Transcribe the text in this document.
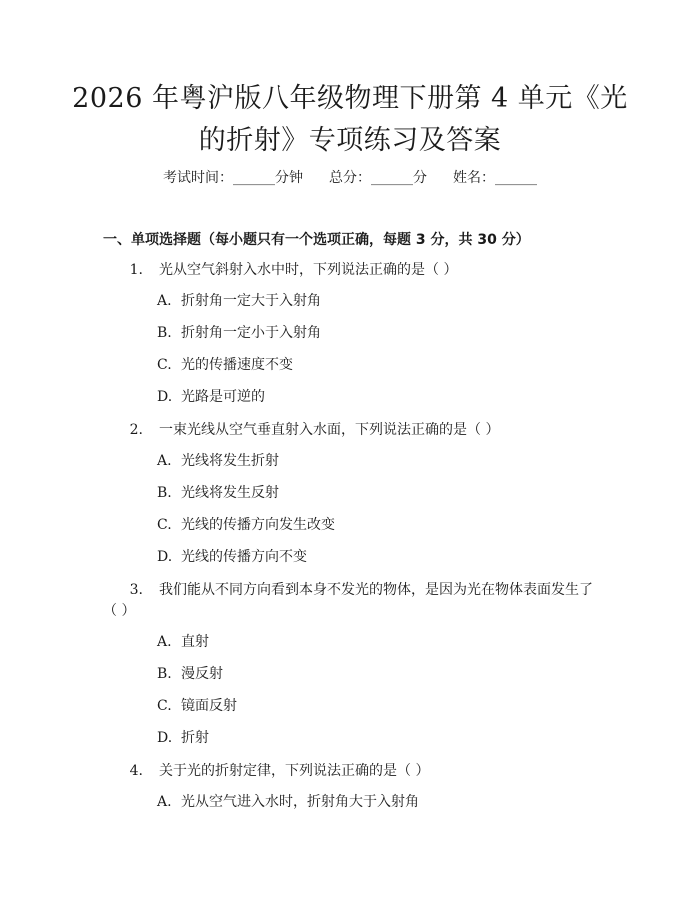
2026 年粤沪版八年级物理下册第 4 单元《光
的折射》专项练习及答案
考试时间：______分钟 总分：______分 姓名：______
一、单项选择题（每小题只有一个选项正确，每题 3 分，共 30 分）
1. 光从空气斜射入水中时，下列说法正确的是（ ）
A. 折射角一定大于入射角
B. 折射角一定小于入射角
C. 光的传播速度不变
D. 光路是可逆的
2. 一束光线从空气垂直射入水面，下列说法正确的是（ ）
A. 光线将发生折射
B. 光线将发生反射
C. 光线的传播方向发生改变
D. 光线的传播方向不变
3. 我们能从不同方向看到本身不发光的物体，是因为光在物体表面发生了
（ ）
A. 直射
B. 漫反射
C. 镜面反射
D. 折射
4. 关于光的折射定律，下列说法正确的是（ ）
A. 光从空气进入水时，折射角大于入射角
